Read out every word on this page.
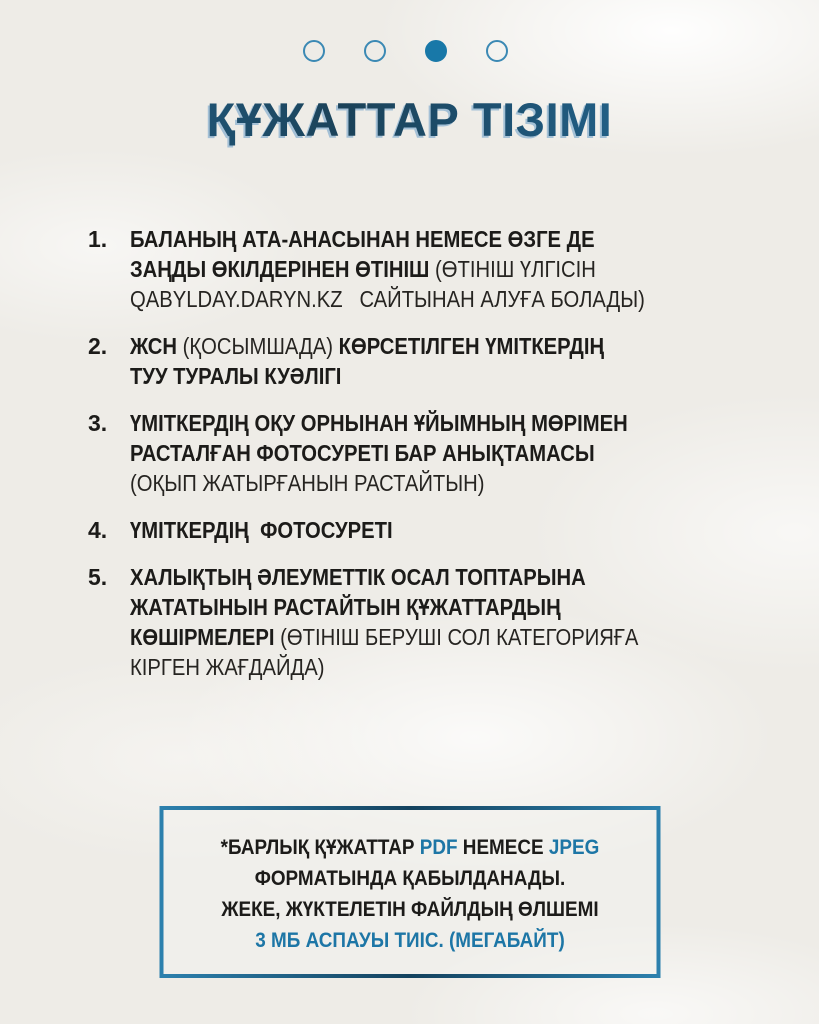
ҚҰЖАТТАР ТІЗІМІ
1. БАЛАНЫҢ АТА-АНАСЫНАН НЕМЕСЕ ӨЗГЕ ДЕ
ЗАҢДЫ ӨКІЛДЕРІНЕН ӨТІНІШ (ӨТІНІШ ҮЛГІСІН
QABYLDAY.DARYN.KZ   САЙТЫНАН АЛУҒА БОЛАДЫ)
2. ЖСН (ҚОСЫМШАДА) КӨРСЕТІЛГЕН ҮМІТКЕРДІҢ
ТУУ ТУРАЛЫ КУӘЛІГІ
3. ҮМІТКЕРДІҢ ОҚУ ОРНЫНАН ҰЙЫМНЫҢ МӨРІМЕН
РАСТАЛҒАН ФОТОСУРЕТІ БАР АНЫҚТАМАСЫ
(ОҚЫП ЖАТЫРҒАНЫН РАСТАЙТЫН)
4. ҮМІТКЕРДІҢ  ФОТОСУРЕТІ
5. ХАЛЫҚТЫҢ ӘЛЕУМЕТТІК ОСАЛ ТОПТАРЫНА
ЖАТАТЫНЫН РАСТАЙТЫН ҚҰЖАТТАРДЫҢ
КӨШІРМЕЛЕРІ (ӨТІНІШ БЕРУШІ СОЛ КАТЕГОРИЯҒА
КІРГЕН ЖАҒДАЙДА)
*БАРЛЫҚ ҚҰЖАТТАР PDF НЕМЕСЕ JPEG
ФОРМАТЫНДА ҚАБЫЛДАНАДЫ.
ЖЕКЕ, ЖҮКТЕЛЕТІН ФАЙЛДЫҢ ӨЛШЕМІ
3 МБ АСПАУЫ ТИІС. (МЕГАБАЙТ)
